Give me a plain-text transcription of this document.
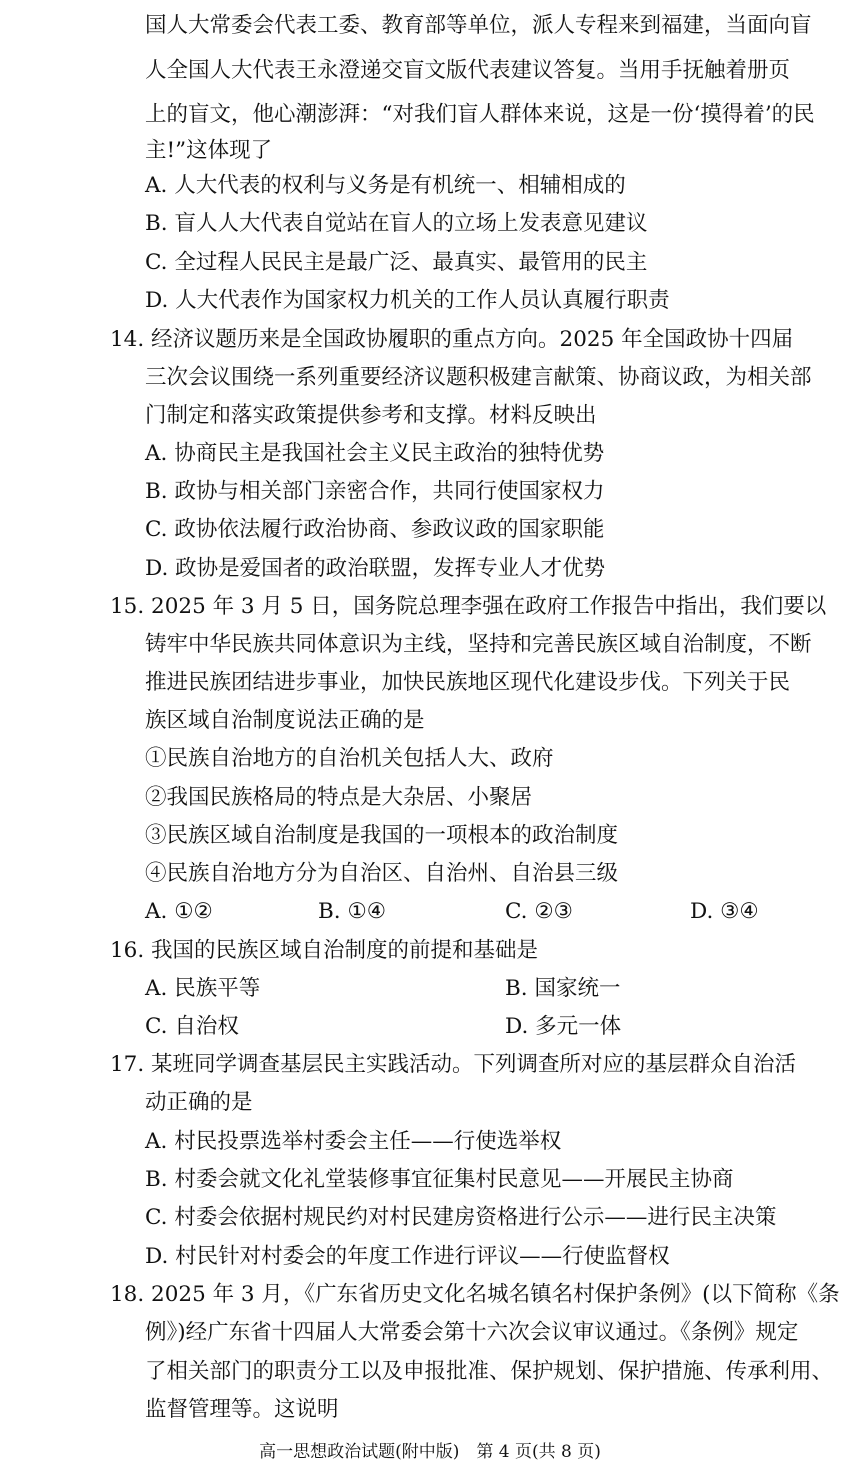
国人大常委会代表工委、教育部等单位，派人专程来到福建，当面向盲
人全国人大代表王永澄递交盲文版代表建议答复。当用手抚触着册页
上的盲文，他心潮澎湃：“对我们盲人群体来说，这是一份‘摸得着’的民
主!”这体现了
A. 人大代表的权利与义务是有机统一、相辅相成的
B. 盲人人大代表自觉站在盲人的立场上发表意见建议
C. 全过程人民民主是最广泛、最真实、最管用的民主
D. 人大代表作为国家权力机关的工作人员认真履行职责
14. 经济议题历来是全国政协履职的重点方向。2025 年全国政协十四届
三次会议围绕一系列重要经济议题积极建言献策、协商议政，为相关部
门制定和落实政策提供参考和支撑。材料反映出
A. 协商民主是我国社会主义民主政治的独特优势
B. 政协与相关部门亲密合作，共同行使国家权力
C. 政协依法履行政治协商、参政议政的国家职能
D. 政协是爱国者的政治联盟，发挥专业人才优势
15. 2025 年 3 月 5 日，国务院总理李强在政府工作报告中指出，我们要以
铸牢中华民族共同体意识为主线，坚持和完善民族区域自治制度，不断
推进民族团结进步事业，加快民族地区现代化建设步伐。下列关于民
族区域自治制度说法正确的是
①民族自治地方的自治机关包括人大、政府
②我国民族格局的特点是大杂居、小聚居
③民族区域自治制度是我国的一项根本的政治制度
④民族自治地方分为自治区、自治州、自治县三级
A. ①②	B. ①④	C. ②③	D. ③④
16. 我国的民族区域自治制度的前提和基础是
A. 民族平等	B. 国家统一
C. 自治权	D. 多元一体
17. 某班同学调查基层民主实践活动。下列调查所对应的基层群众自治活
动正确的是
A. 村民投票选举村委会主任——行使选举权
B. 村委会就文化礼堂装修事宜征集村民意见——开展民主协商
C. 村委会依据村规民约对村民建房资格进行公示——进行民主决策
D. 村民针对村委会的年度工作进行评议——行使监督权
18. 2025 年 3 月，《广东省历史文化名城名镇名村保护条例》(以下简称《条
例》)经广东省十四届人大常委会第十六次会议审议通过。《条例》规定
了相关部门的职责分工以及申报批准、保护规划、保护措施、传承利用、
监督管理等。这说明
高一思想政治试题(附中版)　第 4 页(共 8 页)
